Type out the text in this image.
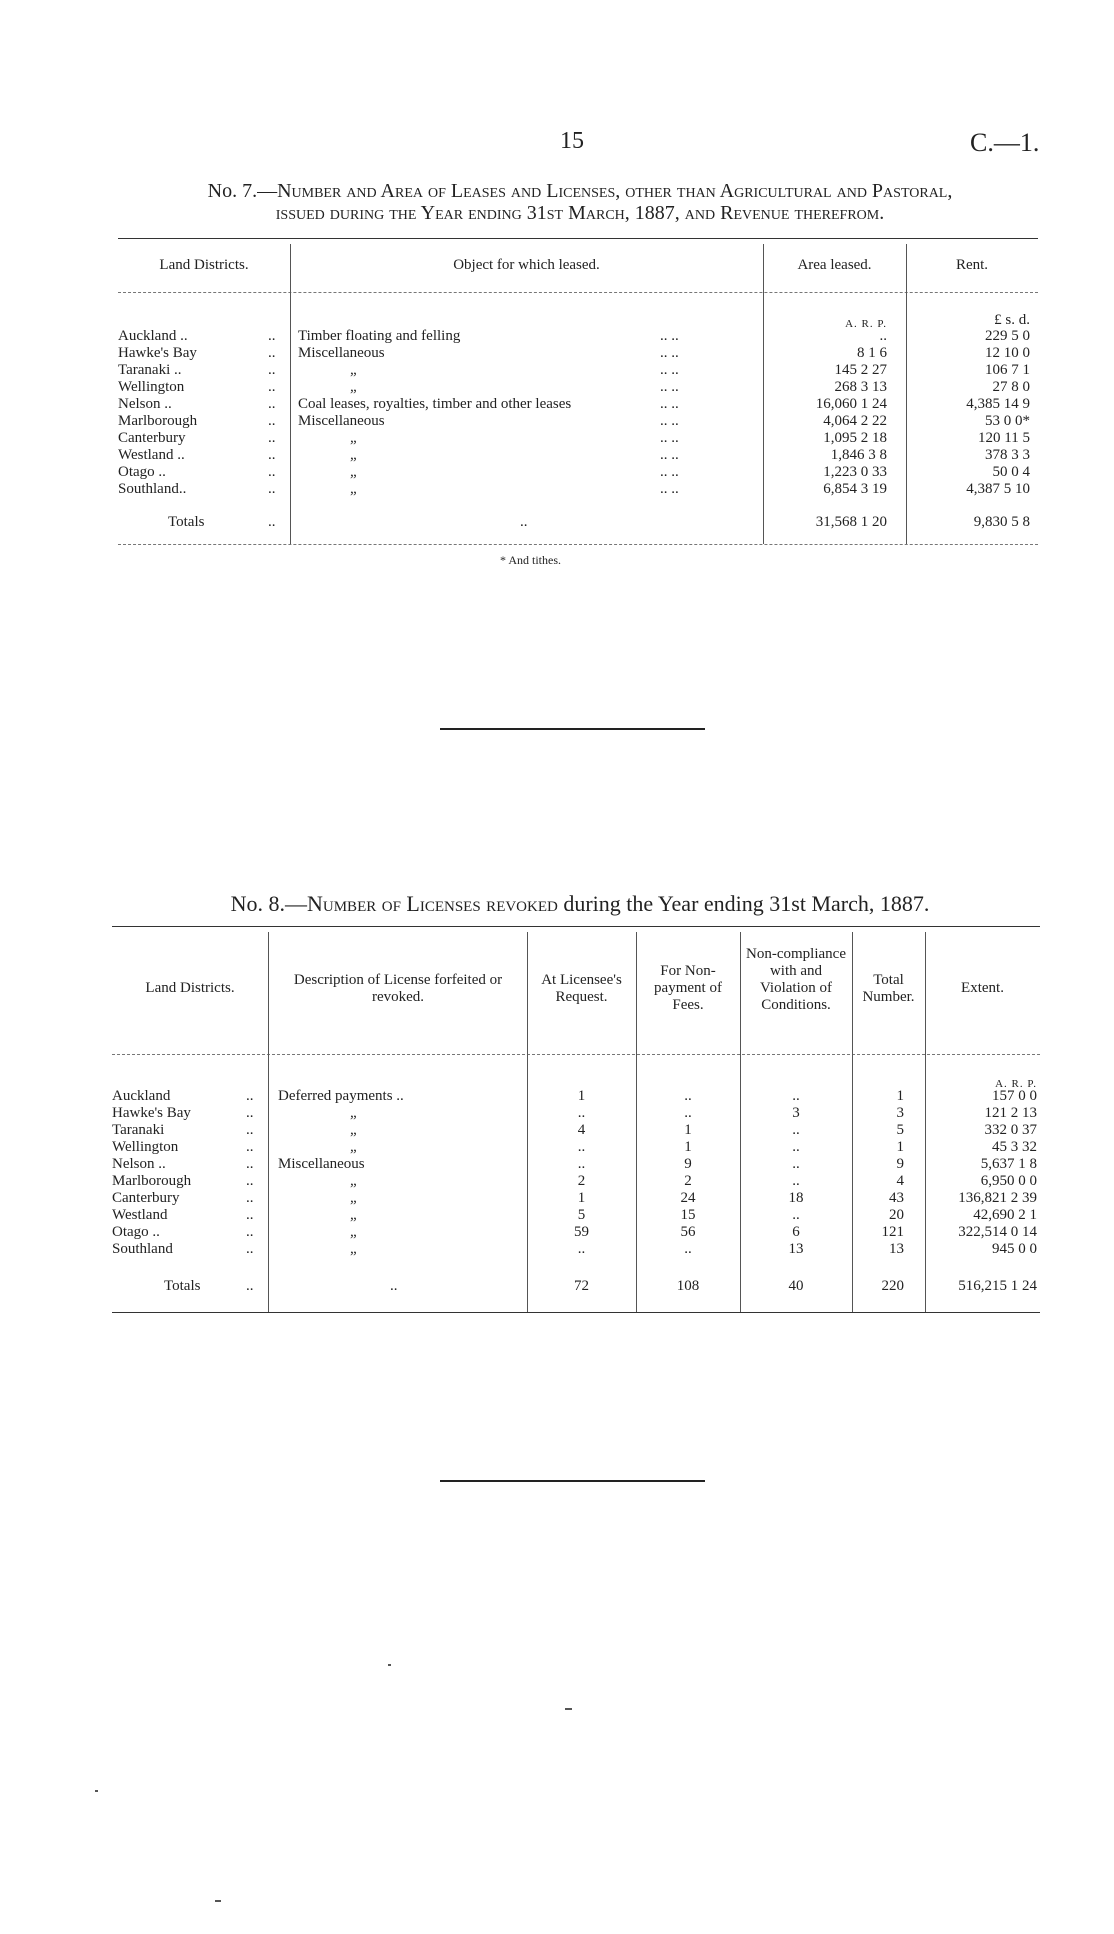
15	C.—1.
No. 7.—Number and Area of Leases and Licenses, other than Agricultural and Pastoral,
issued during the Year ending 31st March, 1887, and Revenue therefrom.
Land Districts.	Object for which leased.	Area leased.	Rent.
A. R. P.	£ s. d.
Auckland ..	.. Timber floating and felling	.. ..	..	229 5 0
Hawke's Bay	.. Miscellaneous	.. ..	8 1 6	12 10 0
Taranaki ..	..	„	.. ..	145 2 27	106 7 1
Wellington	..	„	.. ..	268 3 13	27 8 0
Nelson ..	.. Coal leases, royalties, timber and other leases	.. ..	16,060 1 24	4,385 14 9
Marlborough	.. Miscellaneous	.. ..	4,064 2 22	53 0 0*
Canterbury	..	„	.. ..	1,095 2 18	120 11 5
Westland ..	..	„	.. ..	1,846 3 8	378 3 3
Otago ..	..	„	.. ..	1,223 0 33	50 0 4
Southland..	..	„	.. ..	6,854 3 19	4,387 5 10
Totals	..	..	31,568 1 20	9,830 5 8
* And tithes.
No. 8.—Number of Licenses revoked during the Year ending 31st March, 1887.
Land Districts.	Description of License forfeited or revoked.
At Licensee's Request.
For Non-payment of Fees.
Non-compliance with and Violation of Conditions.
Total Number.
Extent.
A. R. P.
Auckland	.. Deferred payments ..	1	..	..	1	157 0 0
Hawke's Bay	..	„	..	..	3	3	121 2 13
Taranaki	..	„	4	1	..	5	332 0 37
Wellington	..	„	..	1	..	1	45 3 32
Nelson ..	.. Miscellaneous	..	9	..	9	5,637 1 8
Marlborough	..	„	2	2	..	4	6,950 0 0
Canterbury	..	„	1	24	18	43	136,821 2 39
Westland	..	„	5	15	..	20	42,690 2 1
Otago ..	..	„	59	56	6	121	322,514 0 14
Southland	..	„	..	..	13	13	945 0 0
Totals	..	..	72	108	40	220	516,215 1 24
